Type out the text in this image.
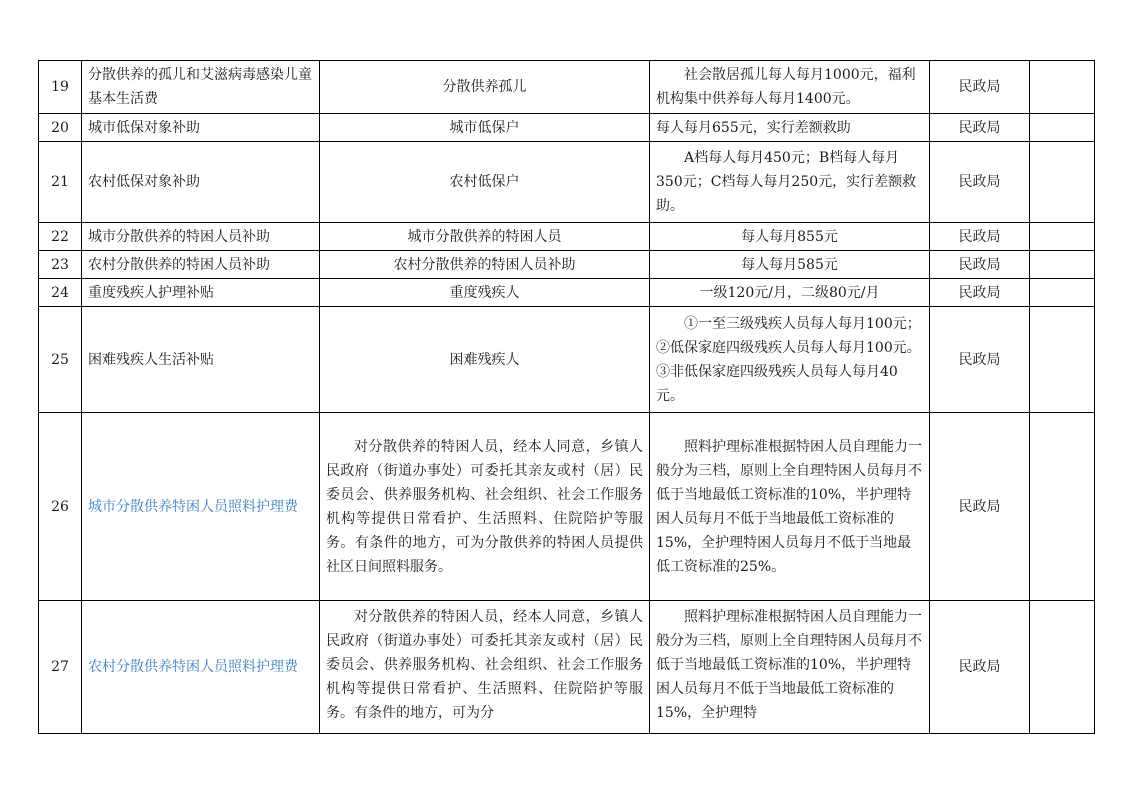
19	分散供养的孤儿和艾滋病毒感染儿童基本生活费	分散供养孤儿	社会散居孤儿每人每月1000元，福利机构集中供养每人每月1400元。	民政局	
20	城市低保对象补助	城市低保户	每人每月655元，实行差额救助	民政局	
21	农村低保对象补助	农村低保户	A档每人每月450元；B档每人每月350元；C档每人每月250元，实行差额救助。	民政局	
22	城市分散供养的特困人员补助	城市分散供养的特困人员	每人每月855元	民政局	
23	农村分散供养的特困人员补助	农村分散供养的特困人员补助	每人每月585元	民政局	
24	重度残疾人护理补贴	重度残疾人	一级120元/月，二级80元/月	民政局	
25	困难残疾人生活补贴	困难残疾人	①一至三级残疾人员每人每月100元；②低保家庭四级残疾人员每人每月100元。③非低保家庭四级残疾人员每人每月40元。	民政局	
26	城市分散供养特困人员照料护理费	对分散供养的特困人员，经本人同意，乡镇人民政府（街道办事处）可委托其亲友或村（居）民委员会、供养服务机构、社会组织、社会工作服务机构等提供日常看护、生活照料、住院陪护等服务。有条件的地方，可为分散供养的特困人员提供社区日间照料服务。	照料护理标准根据特困人员自理能力一般分为三档，原则上全自理特困人员每月不低于当地最低工资标准的10%，半护理特困人员每月不低于当地最低工资标准的15%，全护理特困人员每月不低于当地最低工资标准的25%。	民政局	
27	农村分散供养特困人员照料护理费	对分散供养的特困人员，经本人同意，乡镇人民政府（街道办事处）可委托其亲友或村（居）民委员会、供养服务机构、社会组织、社会工作服务机构等提供日常看护、生活照料、住院陪护等服务。有条件的地方，可为分	照料护理标准根据特困人员自理能力一般分为三档，原则上全自理特困人员每月不低于当地最低工资标准的10%，半护理特困人员每月不低于当地最低工资标准的15%，全护理特	民政局	
